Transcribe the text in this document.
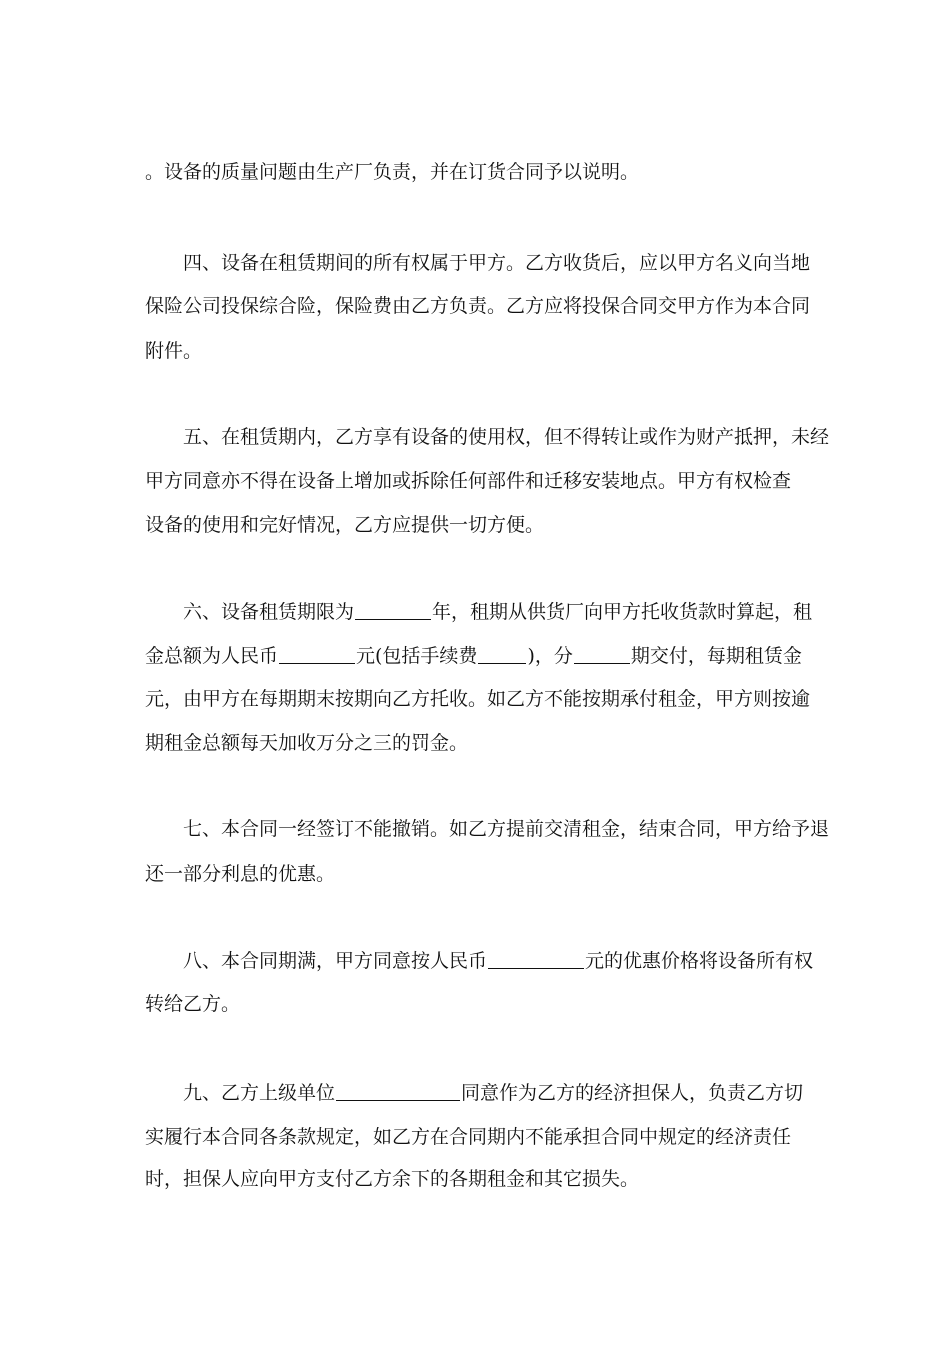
。设备的质量问题由生产厂负责，并在订货合同予以说明。
四、设备在租赁期间的所有权属于甲方。乙方收货后，应以甲方名义向当地
保险公司投保综合险，保险费由乙方负责。乙方应将投保合同交甲方作为本合同
附件。
五、在租赁期内，乙方享有设备的使用权，但不得转让或作为财产抵押，未经
甲方同意亦不得在设备上增加或拆除任何部件和迁移安装地点。甲方有权检查
设备的使用和完好情况，乙方应提供一切方便。
六、设备租赁期限为	年，租期从供货厂向甲方托收货款时算起，租
金总额为人民币	元(包括手续费	)，分	期交付，每期租赁金
元，由甲方在每期期末按期向乙方托收。如乙方不能按期承付租金，甲方则按逾
期租金总额每天加收万分之三的罚金。
七、本合同一经签订不能撤销。如乙方提前交清租金，结束合同，甲方给予退
还一部分利息的优惠。
八、本合同期满，甲方同意按人民币	元的优惠价格将设备所有权
转给乙方。
九、乙方上级单位	同意作为乙方的经济担保人，负责乙方切
实履行本合同各条款规定，如乙方在合同期内不能承担合同中规定的经济责任
时，担保人应向甲方支付乙方余下的各期租金和其它损失。
